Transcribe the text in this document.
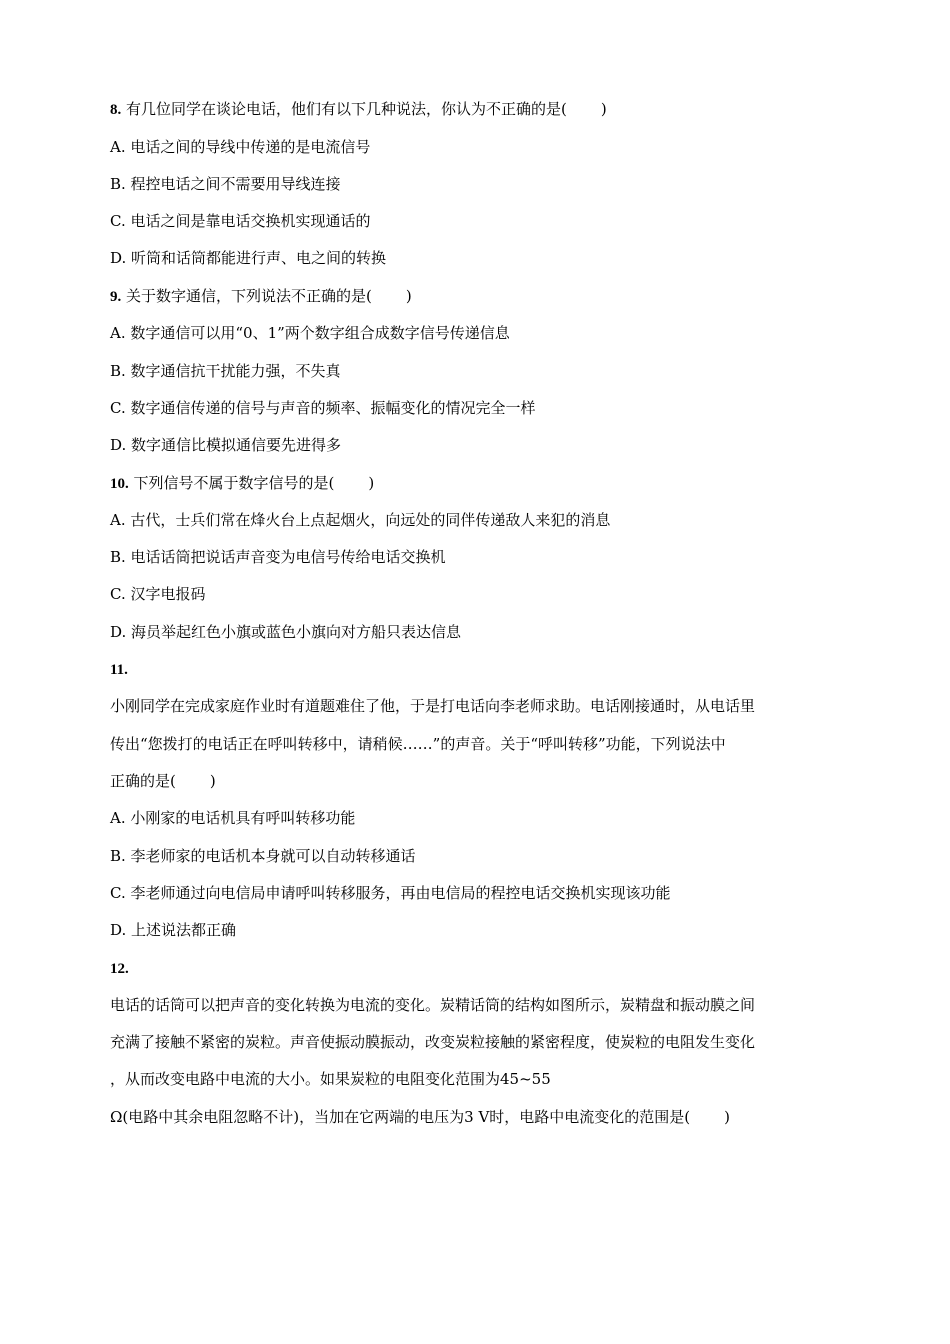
8. 有几位同学在谈论电话，他们有以下几种说法，你认为不正确的是( )
A. 电话之间的导线中传递的是电流信号
B. 程控电话之间不需要用导线连接
C. 电话之间是靠电话交换机实现通话的
D. 听筒和话筒都能进行声、电之间的转换
9. 关于数字通信，下列说法不正确的是( )
A. 数字通信可以用“0、1”两个数字组合成数字信号传递信息
B. 数字通信抗干扰能力强，不失真
C. 数字通信传递的信号与声音的频率、振幅变化的情况完全一样
D. 数字通信比模拟通信要先进得多
10. 下列信号不属于数字信号的是( )
A. 古代，士兵们常在烽火台上点起烟火，向远处的同伴传递敌人来犯的消息
B. 电话话筒把说话声音变为电信号传给电话交换机
C. 汉字电报码
D. 海员举起红色小旗或蓝色小旗向对方船只表达信息
11.
小刚同学在完成家庭作业时有道题难住了他，于是打电话向李老师求助。电话刚接通时，从电话里
传出“您拨打的电话正在呼叫转移中，请稍候……”的声音。关于“呼叫转移”功能，下列说法中
正确的是( )
A. 小刚家的电话机具有呼叫转移功能
B. 李老师家的电话机本身就可以自动转移通话
C. 李老师通过向电信局申请呼叫转移服务，再由电信局的程控电话交换机实现该功能
D. 上述说法都正确
12.
电话的话筒可以把声音的变化转换为电流的变化。炭精话筒的结构如图所示，炭精盘和振动膜之间
充满了接触不紧密的炭粒。声音使振动膜振动，改变炭粒接触的紧密程度，使炭粒的电阻发生变化
，从而改变电路中电流的大小。如果炭粒的电阻变化范围为45~55
Ω(电路中其余电阻忽略不计)，当加在它两端的电压为3 V时，电路中电流变化的范围是( )
